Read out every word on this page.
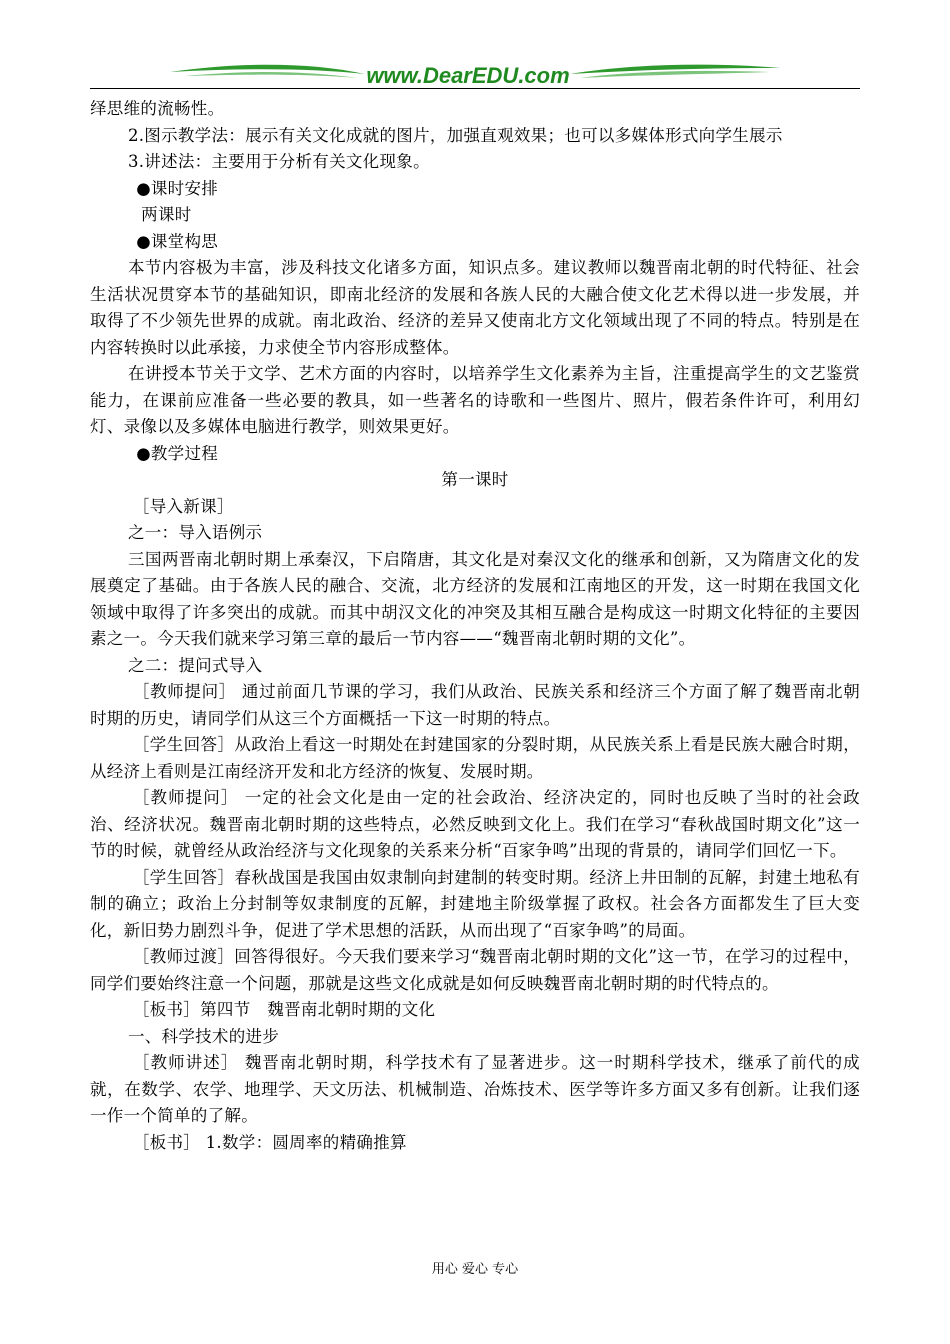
www.DearEDU.com

绎思维的流畅性。

2.图示教学法：展示有关文化成就的图片，加强直观效果；也可以多媒体形式向学生展示

3.讲述法：主要用于分析有关文化现象。

●课时安排

两课时

●课堂构思

本节内容极为丰富，涉及科技文化诸多方面，知识点多。建议教师以魏晋南北朝的时代特征、社会生活状况贯穿本节的基础知识，即南北经济的发展和各族人民的大融合使文化艺术得以进一步发展，并取得了不少领先世界的成就。南北政治、经济的差异又使南北方文化领域出现了不同的特点。特别是在内容转换时以此承接，力求使全节内容形成整体。

在讲授本节关于文学、艺术方面的内容时，以培养学生文化素养为主旨，注重提高学生的文艺鉴赏能力，在课前应准备一些必要的教具，如一些著名的诗歌和一些图片、照片，假若条件许可，利用幻灯、录像以及多媒体电脑进行教学，则效果更好。

●教学过程

第一课时

［导入新课］

之一：导入语例示

三国两晋南北朝时期上承秦汉，下启隋唐，其文化是对秦汉文化的继承和创新，又为隋唐文化的发展奠定了基础。由于各族人民的融合、交流，北方经济的发展和江南地区的开发，这一时期在我国文化领域中取得了许多突出的成就。而其中胡汉文化的冲突及其相互融合是构成这一时期文化特征的主要因素之一。今天我们就来学习第三章的最后一节内容——“魏晋南北朝时期的文化”。

之二：提问式导入

［教师提问］ 通过前面几节课的学习，我们从政治、民族关系和经济三个方面了解了魏晋南北朝时期的历史，请同学们从这三个方面概括一下这一时期的特点。

［学生回答］从政治上看这一时期处在封建国家的分裂时期，从民族关系上看是民族大融合时期，从经济上看则是江南经济开发和北方经济的恢复、发展时期。

［教师提问］ 一定的社会文化是由一定的社会政治、经济决定的，同时也反映了当时的社会政治、经济状况。魏晋南北朝时期的这些特点，必然反映到文化上。我们在学习“春秋战国时期文化”这一节的时候，就曾经从政治经济与文化现象的关系来分析“百家争鸣”出现的背景的，请同学们回忆一下。

［学生回答］春秋战国是我国由奴隶制向封建制的转变时期。经济上井田制的瓦解，封建土地私有制的确立；政治上分封制等奴隶制度的瓦解，封建地主阶级掌握了政权。社会各方面都发生了巨大变化，新旧势力剧烈斗争，促进了学术思想的活跃，从而出现了“百家争鸣”的局面。

［教师过渡］回答得很好。今天我们要来学习“魏晋南北朝时期的文化”这一节，在学习的过程中，同学们要始终注意一个问题，那就是这些文化成就是如何反映魏晋南北朝时期的时代特点的。

［板书］第四节　魏晋南北朝时期的文化

一、科学技术的进步

［教师讲述］ 魏晋南北朝时期，科学技术有了显著进步。这一时期科学技术，继承了前代的成就，在数学、农学、地理学、天文历法、机械制造、冶炼技术、医学等许多方面又多有创新。让我们逐一作一个简单的了解。

［板书］ 1.数学：圆周率的精确推算

用心 爱心 专心
